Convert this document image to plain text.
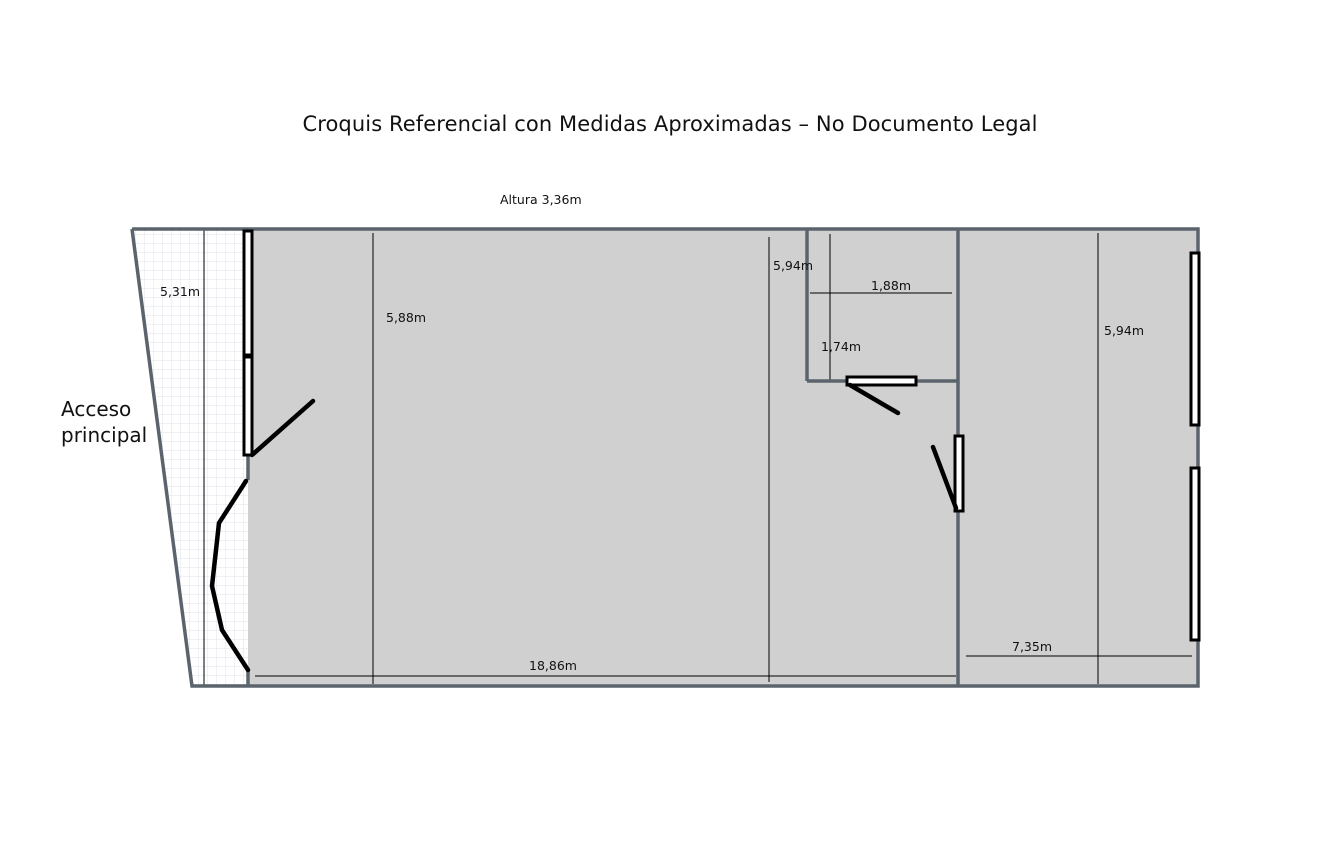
Croquis Referencial con Medidas Aproximadas – No Documento Legal
Altura 3,36m
5,31m
5,88m
5,94m
1,88m
1,74m
5,94m
18,86m
7,35m
Acceso
principal
